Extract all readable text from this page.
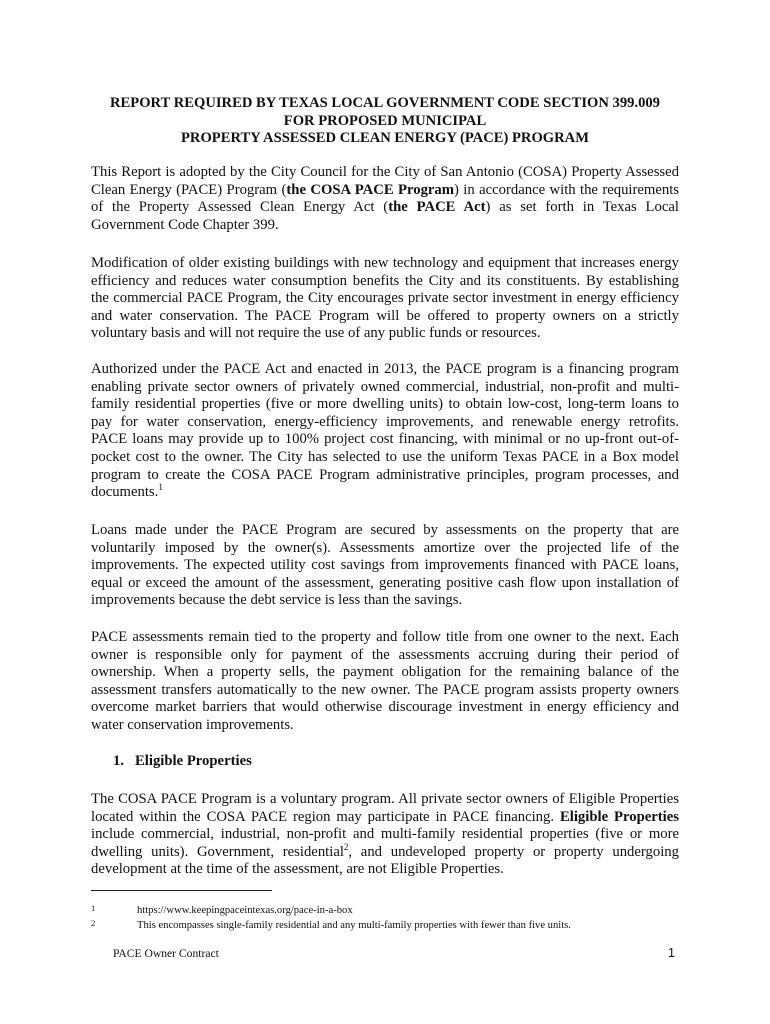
REPORT REQUIRED BY TEXAS LOCAL GOVERNMENT CODE SECTION 399.009
FOR PROPOSED MUNICIPAL
PROPERTY ASSESSED CLEAN ENERGY (PACE) PROGRAM
This Report is adopted by the City Council for the City of San Antonio (COSA) Property Assessed
Clean Energy (PACE) Program (the COSA PACE Program) in accordance with the requirements
of the Property Assessed Clean Energy Act (the PACE Act) as set forth in Texas Local
Government Code Chapter 399.
Modification of older existing buildings with new technology and equipment that increases energy
efficiency and reduces water consumption benefits the City and its constituents. By establishing
the commercial PACE Program, the City encourages private sector investment in energy efficiency
and water conservation. The PACE Program will be offered to property owners on a strictly
voluntary basis and will not require the use of any public funds or resources.
Authorized under the PACE Act and enacted in 2013, the PACE program is a financing program
enabling private sector owners of privately owned commercial, industrial, non-profit and multi-
family residential properties (five or more dwelling units) to obtain low-cost, long-term loans to
pay for water conservation, energy-efficiency improvements, and renewable energy retrofits.
PACE loans may provide up to 100% project cost financing, with minimal or no up-front out-of-
pocket cost to the owner. The City has selected to use the uniform Texas PACE in a Box model
program to create the COSA PACE Program administrative principles, program processes, and
documents.$^1$
Loans made under the PACE Program are secured by assessments on the property that are
voluntarily imposed by the owner(s). Assessments amortize over the projected life of the
improvements. The expected utility cost savings from improvements financed with PACE loans,
equal or exceed the amount of the assessment, generating positive cash flow upon installation of
improvements because the debt service is less than the savings.
PACE assessments remain tied to the property and follow title from one owner to the next. Each
owner is responsible only for payment of the assessments accruing during their period of
ownership. When a property sells, the payment obligation for the remaining balance of the
assessment transfers automatically to the new owner. The PACE program assists property owners
overcome market barriers that would otherwise discourage investment in energy efficiency and
water conservation improvements.
1. Eligible Properties
The COSA PACE Program is a voluntary program. All private sector owners of Eligible Properties
located within the COSA PACE region may participate in PACE financing. Eligible Properties
include commercial, industrial, non-profit and multi-family residential properties (five or more
dwelling units). Government, residential$^2$, and undeveloped property or property undergoing
development at the time of the assessment, are not Eligible Properties.
1	https://www.keepingpaceintexas.org/pace-in-a-box
2	This encompasses single-family residential and any multi-family properties with fewer than five units.
PACE Owner Contract	1
